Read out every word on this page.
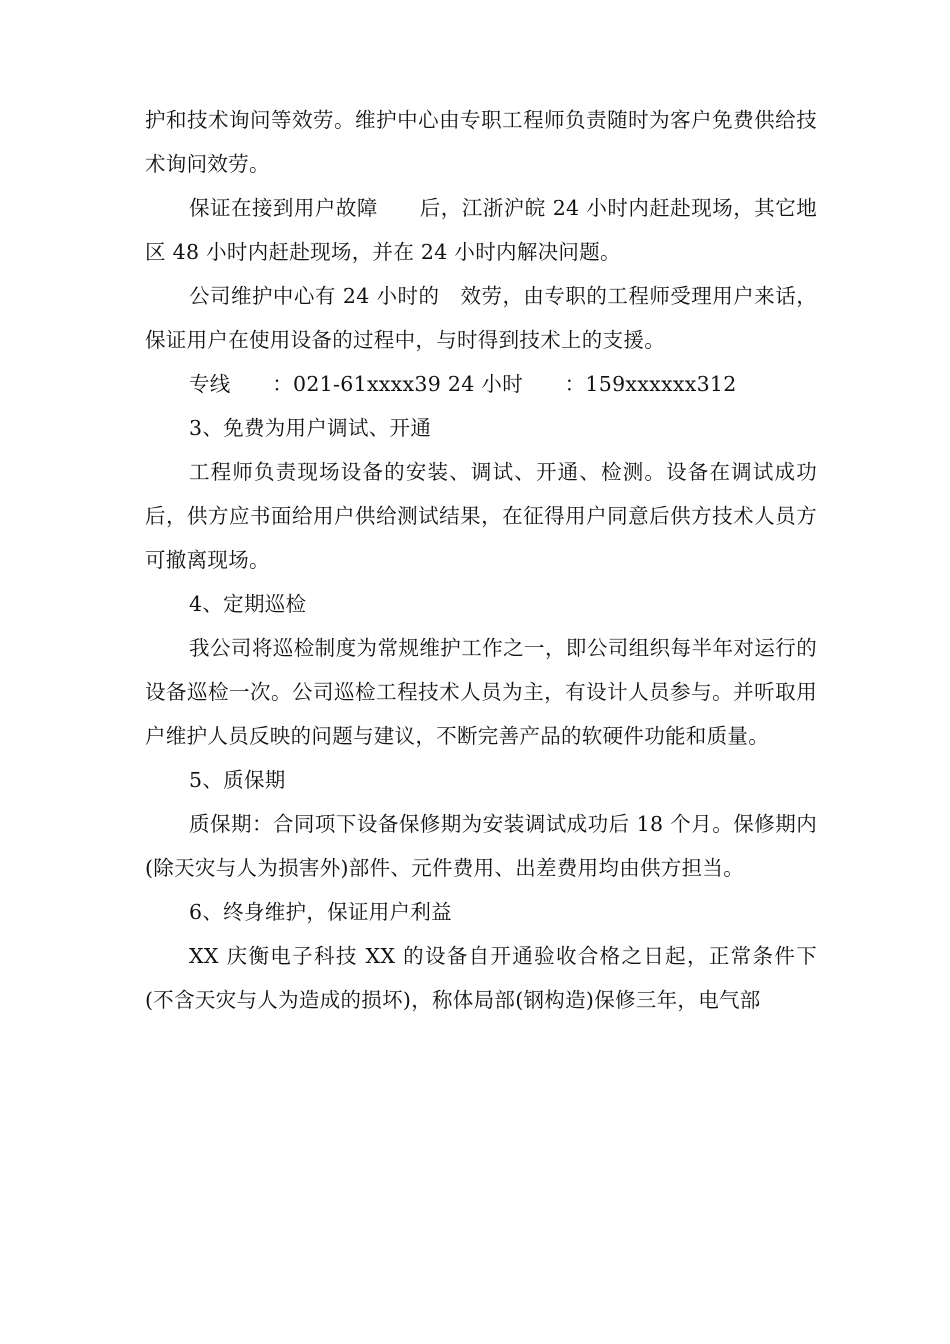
护和技术询问等效劳。维护中心由专职工程师负责随时为客户免费供给技术询问效劳。

保证在接到用户故障　　后，江浙沪皖 24 小时内赶赴现场，其它地区 48 小时内赶赴现场，并在 24 小时内解决问题。

公司维护中心有 24 小时的　效劳，由专职的工程师受理用户来话，保证用户在使用设备的过程中，与时得到技术上的支援。

专线　　：021-61xxxx39 24 小时　　：159xxxxxx312

3、免费为用户调试、开通

工程师负责现场设备的安装、调试、开通、检测。设备在调试成功后，供方应书面给用户供给测试结果，在征得用户同意后供方技术人员方可撤离现场。

4、定期巡检

我公司将巡检制度为常规维护工作之一，即公司组织每半年对运行的设备巡检一次。公司巡检工程技术人员为主，有设计人员参与。并听取用户维护人员反映的问题与建议，不断完善产品的软硬件功能和质量。

5、质保期

质保期：合同项下设备保修期为安装调试成功后 18 个月。保修期内(除天灾与人为损害外)部件、元件费用、出差费用均由供方担当。

6、终身维护，保证用户利益

XX 庆衡电子科技 XX 的设备自开通验收合格之日起，正常条件下(不含天灾与人为造成的损坏)，称体局部(钢构造)保修三年，电气部
